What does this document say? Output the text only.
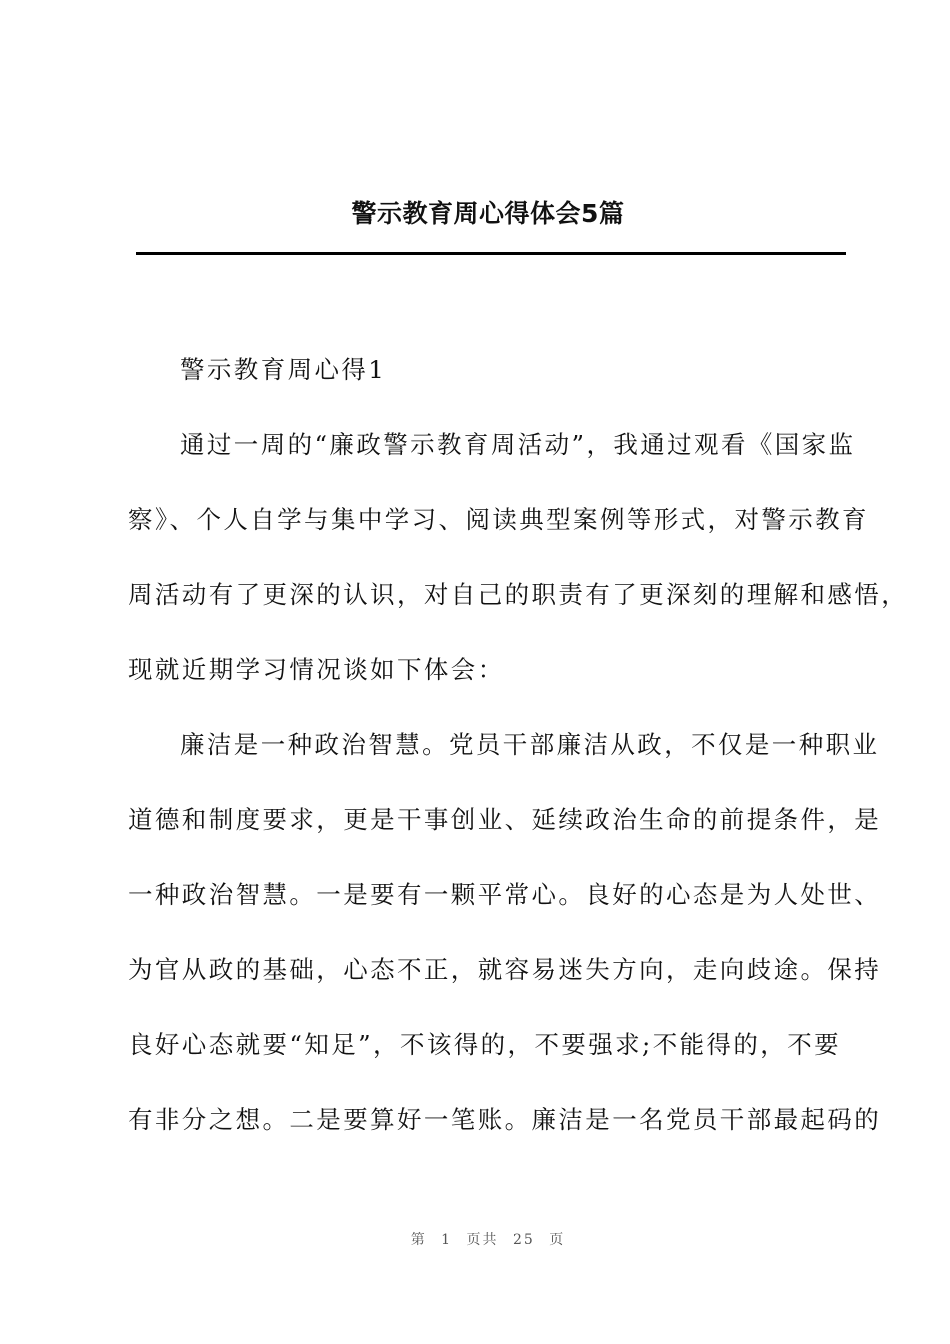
警示教育周心得体会5篇
警示教育周心得1
通过一周的“廉政警示教育周活动”，我通过观看《国家监
察》、个人自学与集中学习、阅读典型案例等形式，对警示教育
周活动有了更深的认识，对自己的职责有了更深刻的理解和感悟，
现就近期学习情况谈如下体会：
廉洁是一种政治智慧。党员干部廉洁从政，不仅是一种职业
道德和制度要求，更是干事创业、延续政治生命的前提条件，是
一种政治智慧。一是要有一颗平常心。良好的心态是为人处世、
为官从政的基础，心态不正，就容易迷失方向，走向歧途。保持
良好心态就要“知足”，不该得的，不要强求;不能得的，不要
有非分之想。二是要算好一笔账。廉洁是一名党员干部最起码的
第 1 页共 25 页
